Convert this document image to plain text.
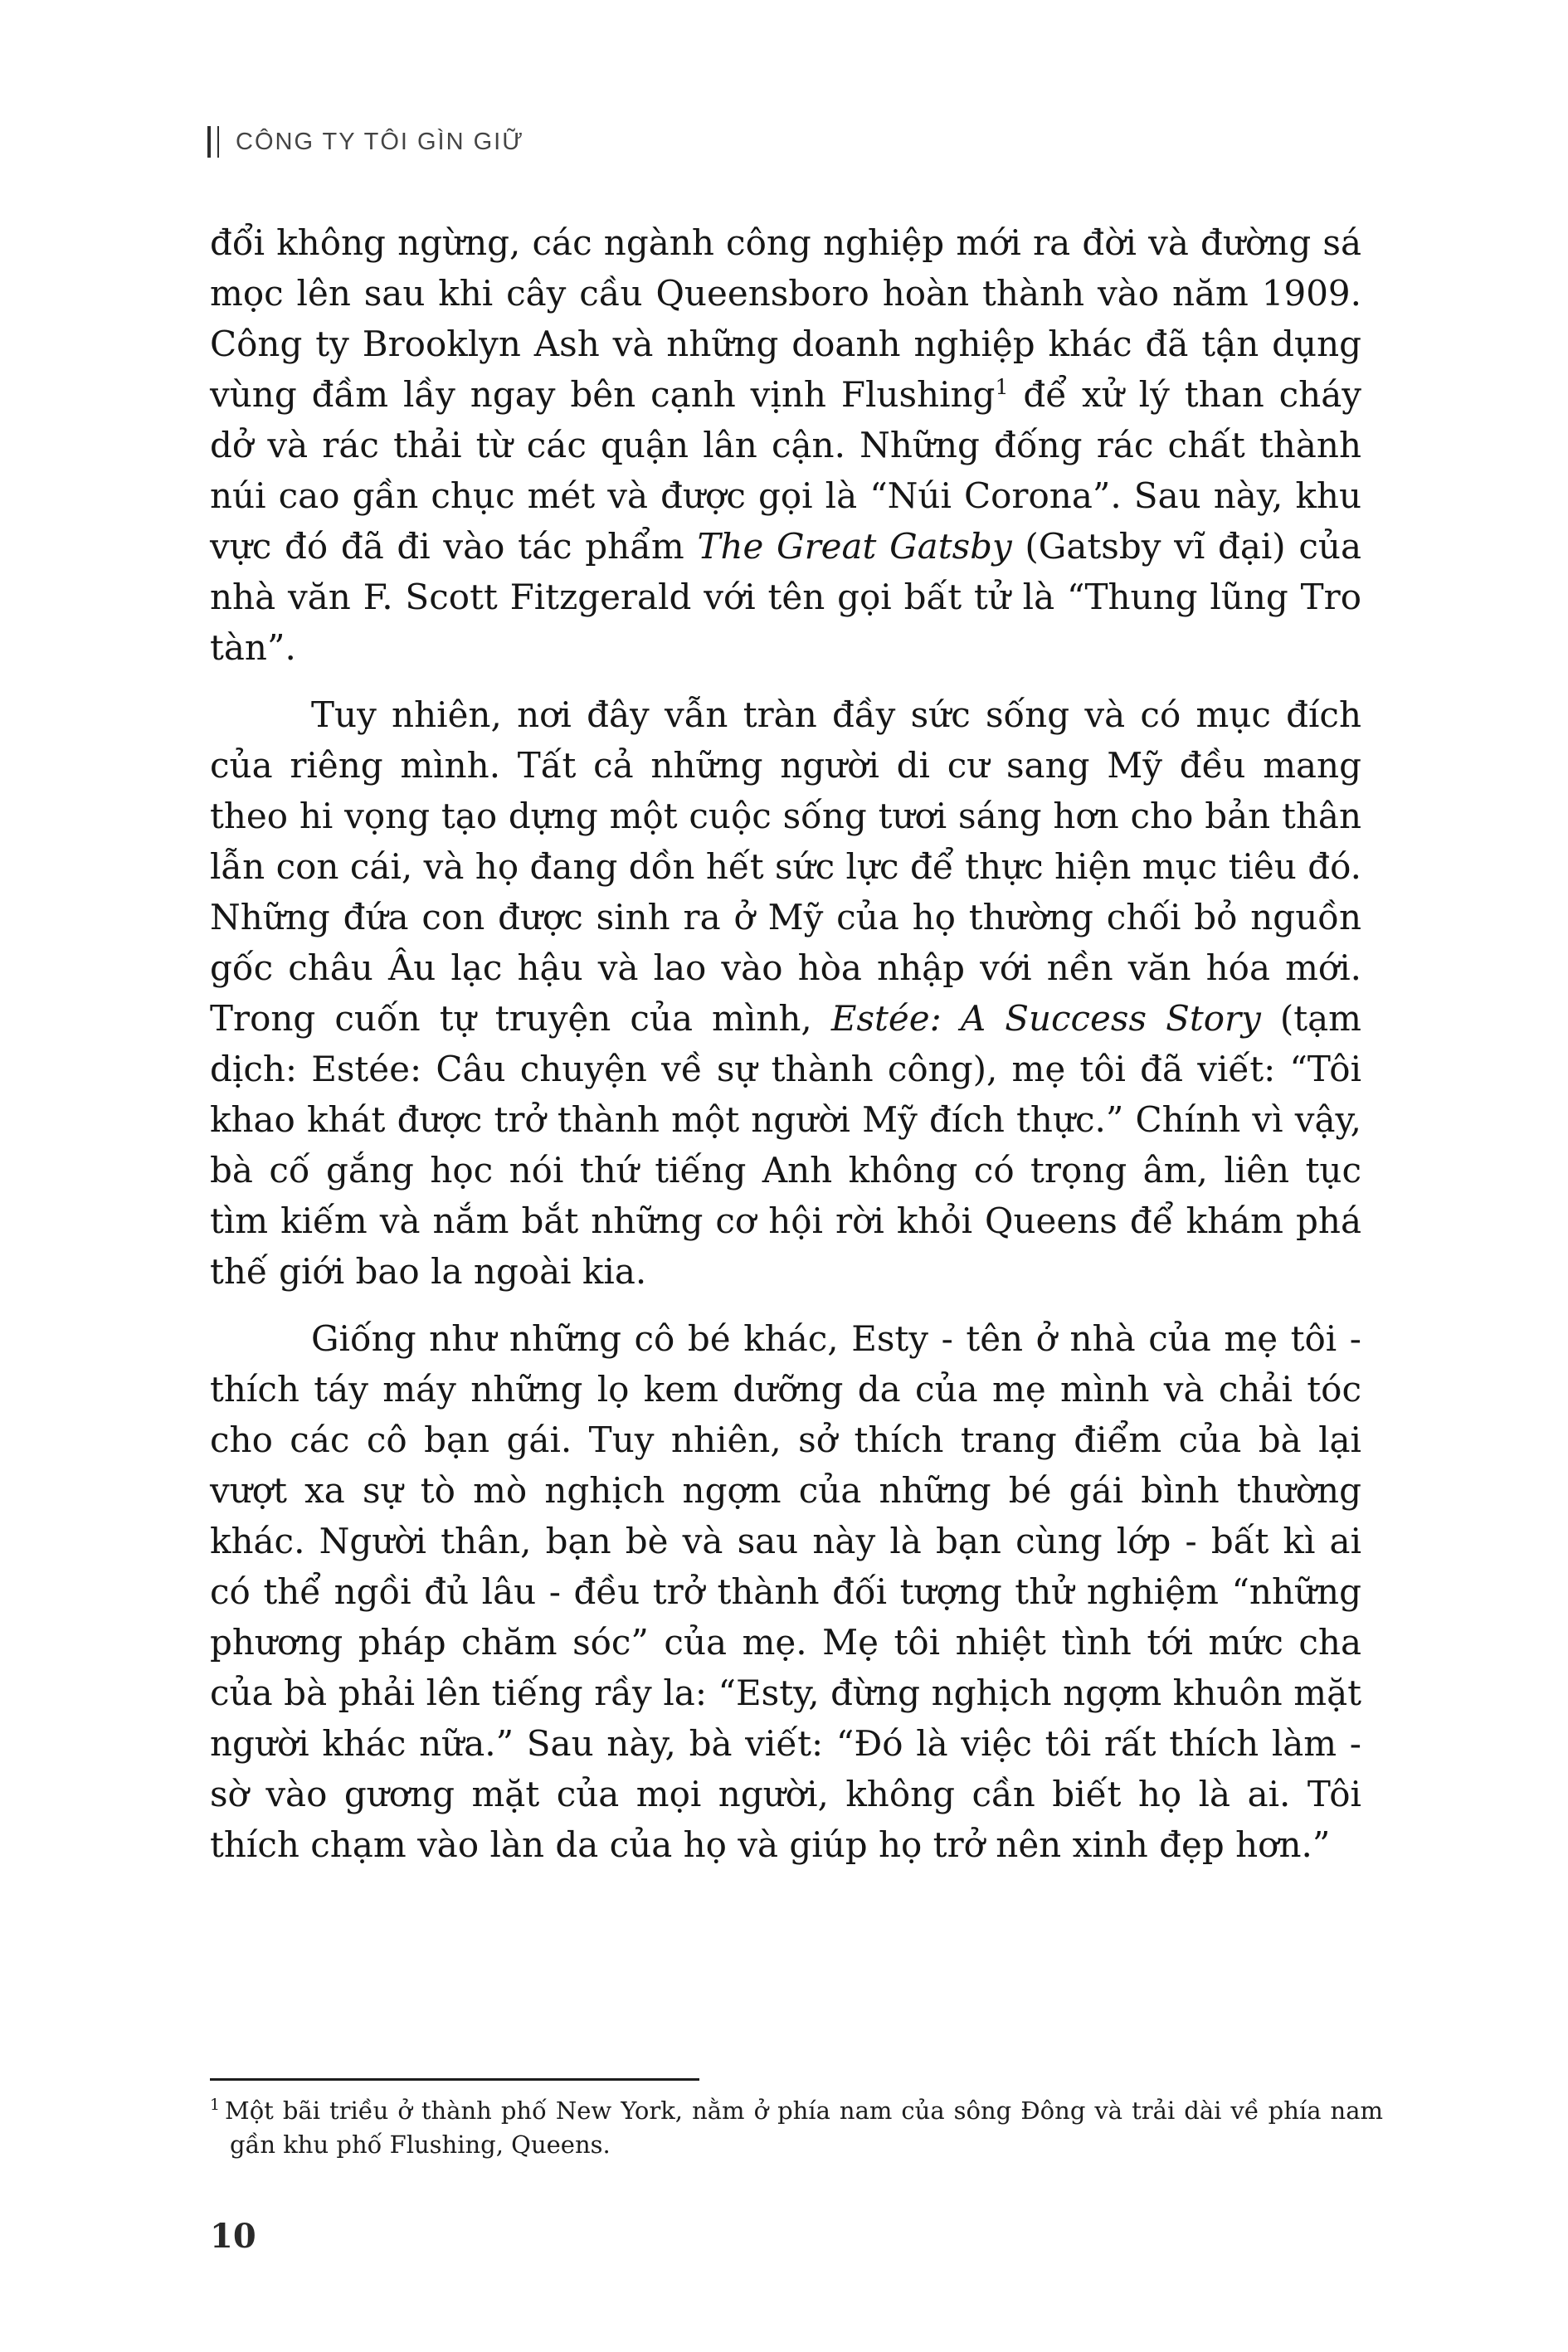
CÔNG TY TÔI GÌN GIỮ

đổi không ngừng, các ngành công nghiệp mới ra đời và đường sá mọc lên sau khi cây cầu Queensboro hoàn thành vào năm 1909. Công ty Brooklyn Ash và những doanh nghiệp khác đã tận dụng vùng đầm lầy ngay bên cạnh vịnh Flushing$^1$ để xử lý than cháy dở và rác thải từ các quận lân cận. Những đống rác chất thành núi cao gần chục mét và được gọi là “Núi Corona”. Sau này, khu vực đó đã đi vào tác phẩm The Great Gatsby (Gatsby vĩ đại) của nhà văn F. Scott Fitzgerald với tên gọi bất tử là “Thung lũng Tro tàn”.

Tuy nhiên, nơi đây vẫn tràn đầy sức sống và có mục đích của riêng mình. Tất cả những người di cư sang Mỹ đều mang theo hi vọng tạo dựng một cuộc sống tươi sáng hơn cho bản thân lẫn con cái, và họ đang dồn hết sức lực để thực hiện mục tiêu đó. Những đứa con được sinh ra ở Mỹ của họ thường chối bỏ nguồn gốc châu Âu lạc hậu và lao vào hòa nhập với nền văn hóa mới. Trong cuốn tự truyện của mình, Estée: A Success Story (tạm dịch: Estée: Câu chuyện về sự thành công), mẹ tôi đã viết: “Tôi khao khát được trở thành một người Mỹ đích thực.” Chính vì vậy, bà cố gắng học nói thứ tiếng Anh không có trọng âm, liên tục tìm kiếm và nắm bắt những cơ hội rời khỏi Queens để khám phá thế giới bao la ngoài kia.

Giống như những cô bé khác, Esty - tên ở nhà của mẹ tôi - thích táy máy những lọ kem dưỡng da của mẹ mình và chải tóc cho các cô bạn gái. Tuy nhiên, sở thích trang điểm của bà lại vượt xa sự tò mò nghịch ngợm của những bé gái bình thường khác. Người thân, bạn bè và sau này là bạn cùng lớp - bất kì ai có thể ngồi đủ lâu - đều trở thành đối tượng thử nghiệm “những phương pháp chăm sóc” của mẹ. Mẹ tôi nhiệt tình tới mức cha của bà phải lên tiếng rầy la: “Esty, đừng nghịch ngợm khuôn mặt người khác nữa.” Sau này, bà viết: “Đó là việc tôi rất thích làm - sờ vào gương mặt của mọi người, không cần biết họ là ai. Tôi thích chạm vào làn da của họ và giúp họ trở nên xinh đẹp hơn.”

$^1$ Một bãi triều ở thành phố New York, nằm ở phía nam của sông Đông và trải dài về phía nam gần khu phố Flushing, Queens.
10
